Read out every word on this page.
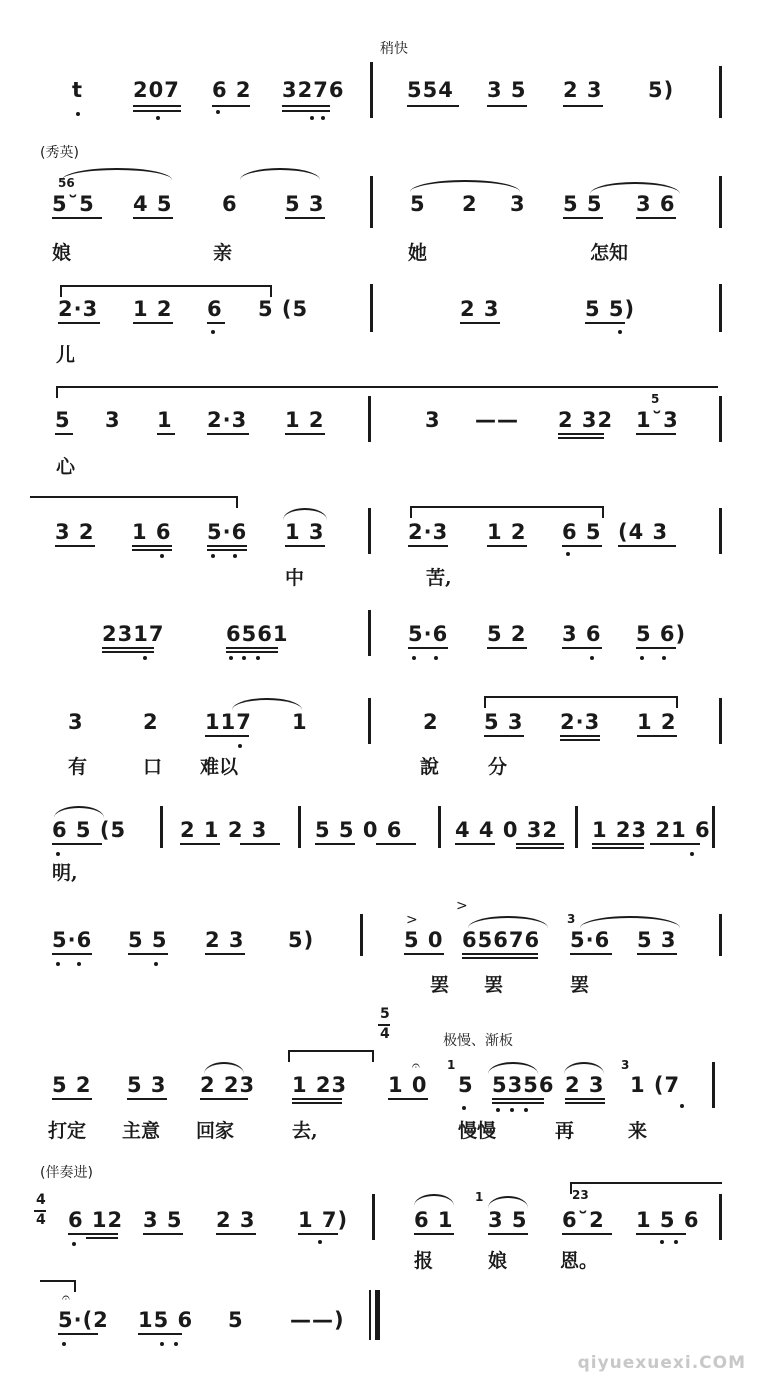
稍快
t 207 6 2 3276	554 3 5 2 3 5)
(秀英)
56
5˘5 4 5 6 5 3	5 2 3 5 5 3 6
娘	亲	她	怎知
2·3 1 2 6 5 (5	2 3	5 5)
儿
5
5 3 1 2·3 1 2	3 —— 2 32 1˘3
心
3 2 1 6 5·6 1 3	2·3 1 2 6 5 (4 3
中	苦,
2317	6561	5·6 5 2 3 6 5 6)
3	2 117 1	2 5 3 2·3 1 2
有	口 难以	說	分
6 5 (5	2 1 2 3 5 5 0 6	4 4 0 32 1 23 21 6
明,
>
>
3
5·6 5 5 2 3 5)	5 0 65676 5·6 5 3
罢 罢	罢
5
4	极慢、渐板
𝄐 1	3
5 2 5 3 2 23 1 23 1 0 5 5356 2 3 1 (7
打定 主意 回家	去,	慢慢	再	来
(伴奏进)
4
4
1	23
6 12 3 5 2 3 1 7)	6 1 3 5 6˘2 1 5 6
报	娘	恩。
𝄐
5·(2 15 6 5 ——)
qiyuexuexi.COM
